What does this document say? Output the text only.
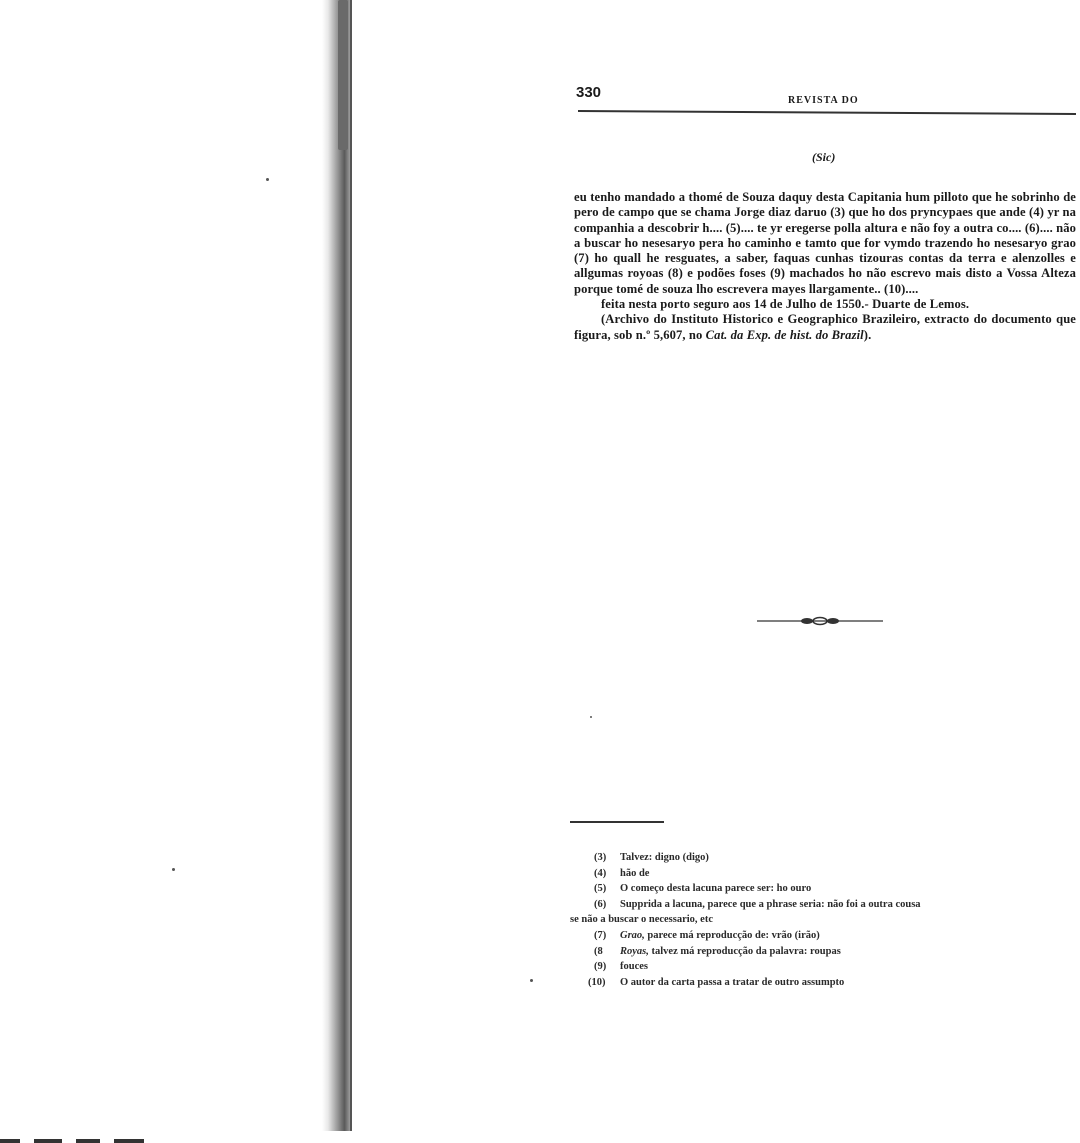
330	REVISTA DO
(Sic)

eu tenho mandado a thomé de Souza daquy desta Capitania hum pilloto que he sobrinho de pero de campo que se chama Jorge diaz daruo (3) que ho dos pryncypaes que ande (4) yr na companhia a descobrir h.... (5).... te yr eregerse polla altura e não foy a outra co.... (6).... não a buscar ho nesesaryo pera ho caminho e tamto que for vymdo trazendo ho nesesaryo grao (7) ho quall he resguates, a saber, faquas cunhas tizouras contas da terra e alenzolles e allgumas royoas (8) e podões foses (9) machados ho não escrevo mais disto a Vossa Alteza porque tomé de souza lho escrevera mayes llargamente.. (10)....

feita nesta porto seguro aos 14 de Julho de 1550.- Duarte de Lemos.

(Archivo do Instituto Historico e Geographico Brazileiro, extracto do documento que figura, sob n.º 5,607, no Cat. da Exp. de hist. do Brazil).

(3) Talvez: digno (digo)

(4) hão de

(5) O começo desta lacuna parece ser: ho ouro

(6) Supprida a lacuna, parece que a phrase seria: não foi a outra cousa

se não a buscar o necessario, etc

(7) Grao, parece má reproducção de: vrão (irão)

(8 Royas, talvez má reproducção da palavra: roupas

(9) fouces

(10) O autor da carta passa a tratar de outro assumpto
